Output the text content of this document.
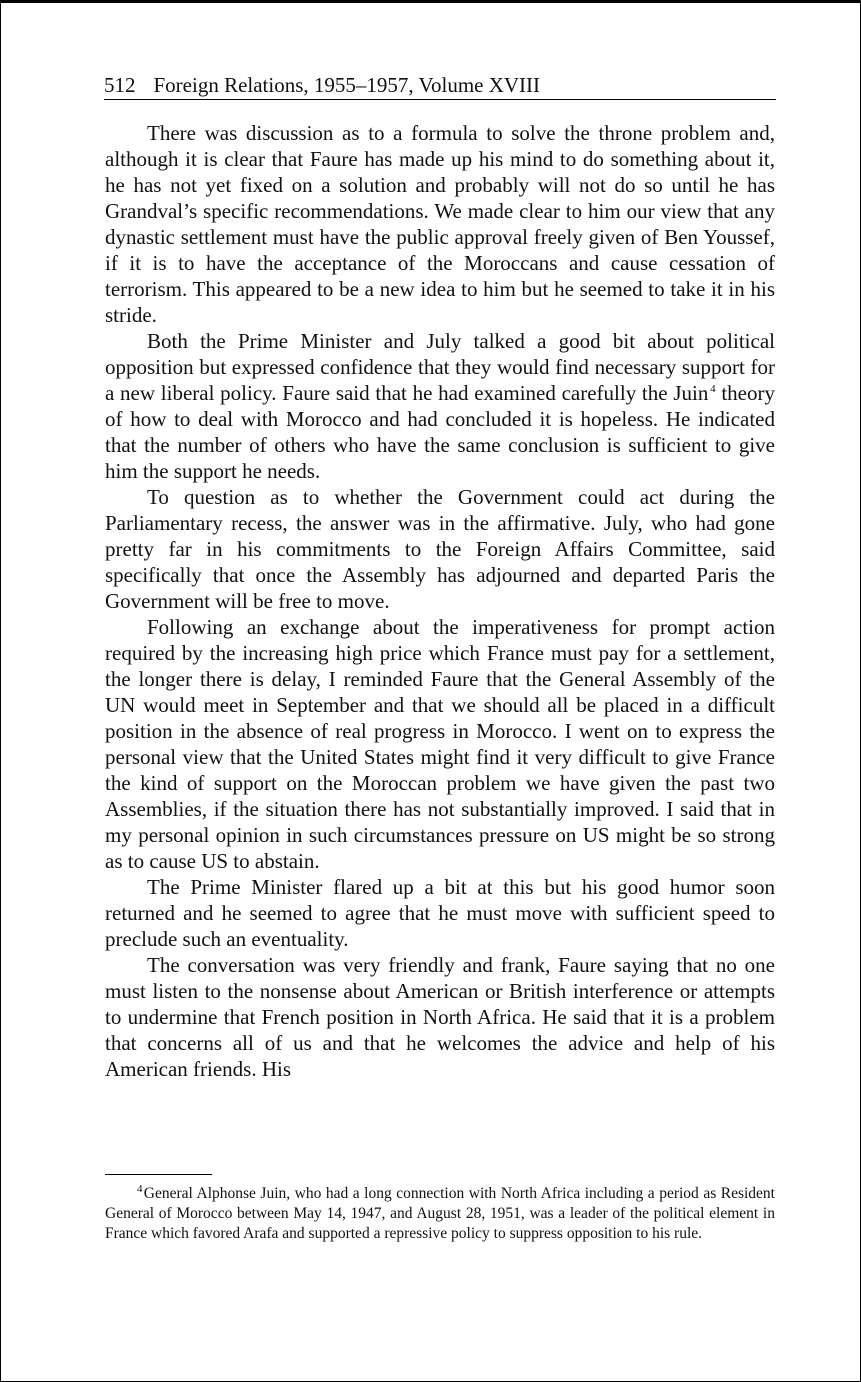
512 Foreign Relations, 1955–1957, Volume XVIII

There was discussion as to a formula to solve the throne problem and, although it is clear that Faure has made up his mind to do something about it, he has not yet fixed on a solution and probably will not do so until he has Grandval’s specific recommendations. We made clear to him our view that any dynastic settlement must have the public approval freely given of Ben Youssef, if it is to have the acceptance of the Moroccans and cause cessation of terrorism. This appeared to be a new idea to him but he seemed to take it in his stride.

Both the Prime Minister and July talked a good bit about political opposition but expressed confidence that they would find necessary support for a new liberal policy. Faure said that he had examined carefully the Juin  $^4$ theory of how to deal with Morocco and had concluded it is hopeless. He indicated that the number of others who have the same conclusion is sufficient to give him the support he needs.

To question as to whether the Government could act during the Parliamentary recess, the answer was in the affirmative. July, who had gone pretty far in his commitments to the Foreign Affairs Committee, said specifically that once the Assembly has adjourned and departed Paris the Government will be free to move.

Following an exchange about the imperativeness for prompt action required by the increasing high price which France must pay for a settlement, the longer there is delay, I reminded Faure that the General Assembly of the UN would meet in September and that we should all be placed in a difficult position in the absence of real progress in Morocco. I went on to express the personal view that the United States might find it very difficult to give France the kind of support on the Moroccan problem we have given the past two Assemblies, if the situation there has not substantially improved. I said that in my personal opinion in such circumstances pressure on US might be so strong as to cause US to abstain.

The Prime Minister flared up a bit at this but his good humor soon returned and he seemed to agree that he must move with sufficient speed to preclude such an eventuality.

The conversation was very friendly and frank, Faure saying that no one must listen to the nonsense about American or British interference or attempts to undermine that French position in North Africa. He said that it is a problem that concerns all of us and that he welcomes the advice and help of his American friends. His

$^4$ General Alphonse Juin, who had a long connection with North Africa including a period as Resident General of Morocco between May 14, 1947, and August 28, 1951, was a leader of the political element in France which favored Arafa and supported a repressive policy to suppress opposition to his rule.
